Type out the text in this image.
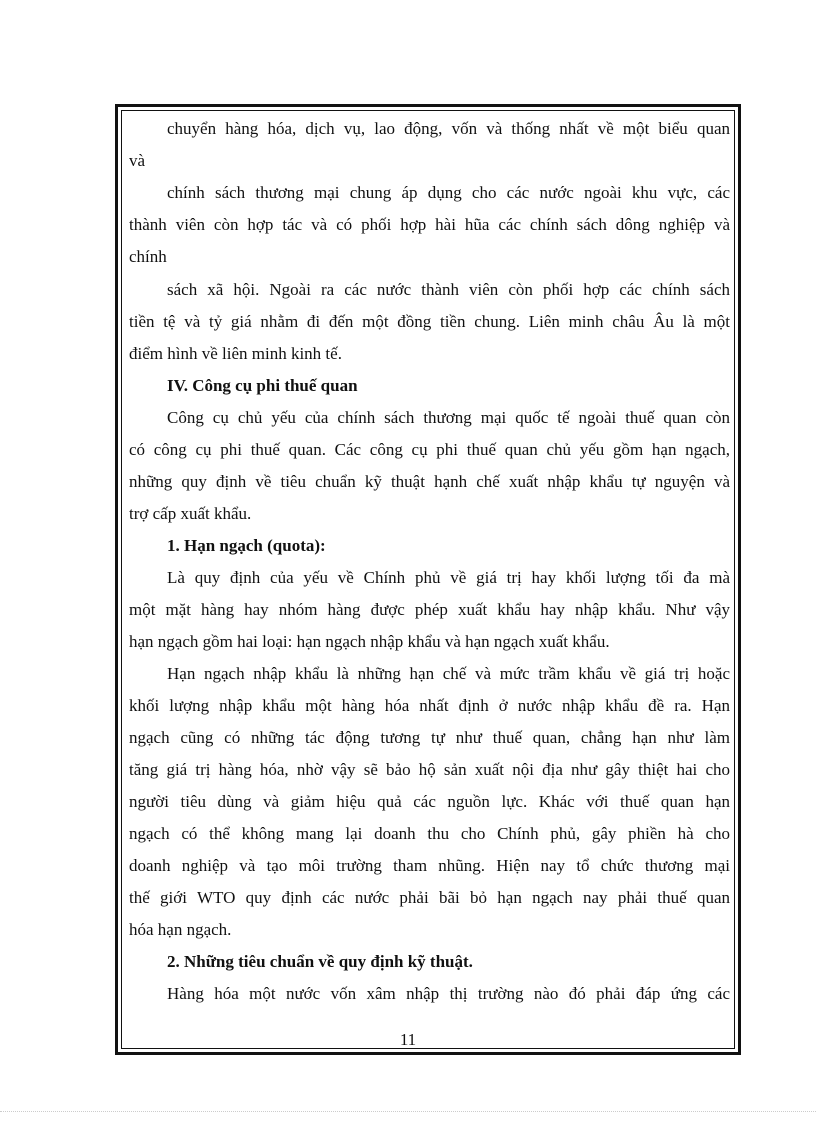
chuyển hàng hóa, dịch vụ, lao động, vốn và thống nhất về một biểu quan
và
chính sách thương mại chung áp dụng cho các nước ngoài khu vực, các
thành viên còn hợp tác và có phối hợp hài hũa các chính sách dông nghiệp và
chính
sách xã hội. Ngoài ra các nước thành viên còn phối hợp các chính sách
tiền tệ và tỷ giá nhằm đi đến một đồng tiền chung. Liên minh châu Âu là một
điểm hình về liên minh kinh tế.
IV. Công cụ phi thuế quan
Công cụ chủ yếu của chính sách thương mại quốc tế ngoài thuế quan còn
có công cụ phi thuế quan. Các công cụ phi thuế quan chủ yếu gồm hạn ngạch,
những quy định về tiêu chuẩn kỹ thuật hạnh chế xuất nhập khẩu tự nguyện và
trợ cấp xuất khẩu.
1. Hạn ngạch (quota):
Là quy định của yếu về Chính phủ về giá trị hay khối lượng tối đa mà
một mặt hàng hay nhóm hàng được phép xuất khẩu hay nhập khẩu. Như vậy
hạn ngạch gồm hai loại: hạn ngạch nhập khẩu và hạn ngạch xuất khẩu.
Hạn ngạch nhập khẩu là những hạn chế và mức trầm khẩu về giá trị hoặc
khối lượng nhập khẩu một hàng hóa nhất định ở nước nhập khẩu đề ra. Hạn
ngạch cũng có những tác động tương tự như thuế quan, chẳng hạn như làm
tăng giá trị hàng hóa, nhờ vậy sẽ bảo hộ sản xuất nội địa như gây thiệt hai cho
người tiêu dùng và giảm hiệu quả các nguồn lực. Khác với thuế quan hạn
ngạch có thể không mang lại doanh thu cho Chính phủ, gây phiền hà cho
doanh nghiệp và tạo môi trường tham nhũng. Hiện nay tổ chức thương mại
thế giới WTO quy định các nước phải bãi bỏ hạn ngạch nay phải thuế quan
hóa hạn ngạch.
2. Những tiêu chuẩn về quy định kỹ thuật.
Hàng hóa một nước vốn xâm nhập thị trường nào đó phải đáp ứng các
11
